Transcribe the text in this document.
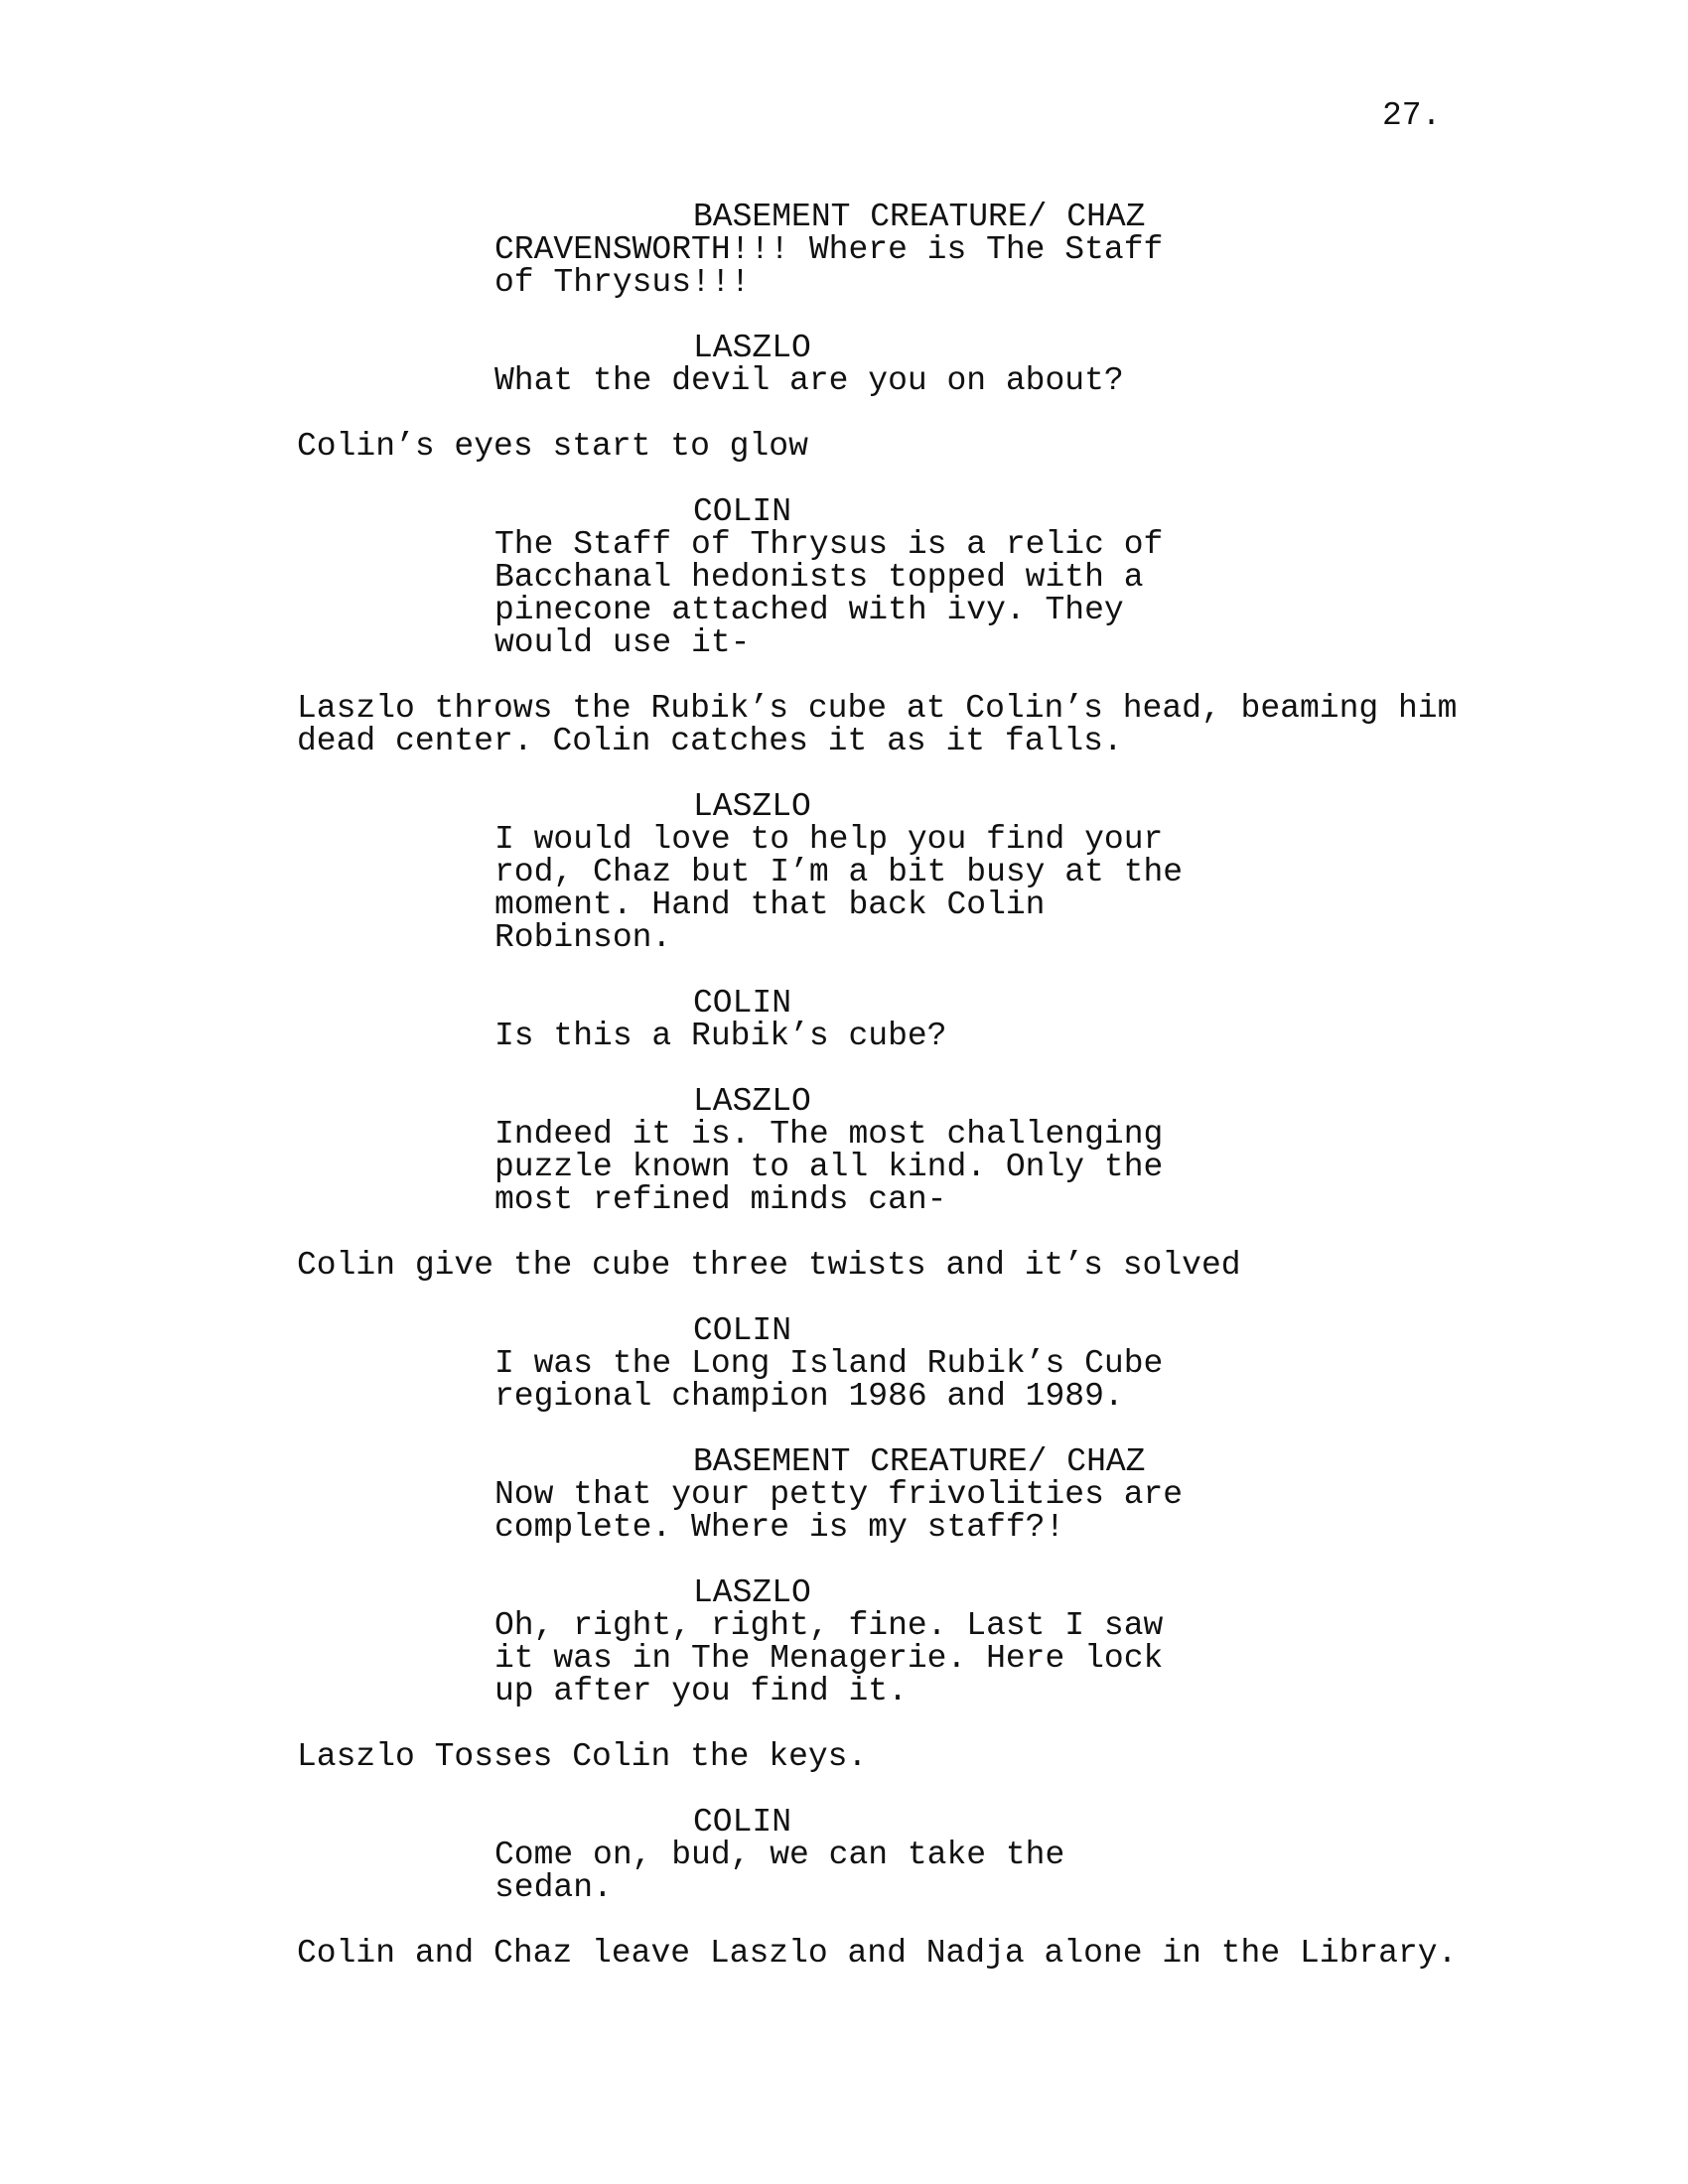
27.
BASEMENT CREATURE/ CHAZ
CRAVENSWORTH!!! Where is The Staff
of Thrysus!!!
LASZLO
What the devil are you on about?
Colin’s eyes start to glow
COLIN
The Staff of Thrysus is a relic of
Bacchanal hedonists topped with a
pinecone attached with ivy. They
would use it-
Laszlo throws the Rubik’s cube at Colin’s head, beaming him
dead center. Colin catches it as it falls.
LASZLO
I would love to help you find your
rod, Chaz but I’m a bit busy at the
moment. Hand that back Colin
Robinson.
COLIN
Is this a Rubik’s cube?
LASZLO
Indeed it is. The most challenging
puzzle known to all kind. Only the
most refined minds can-
Colin give the cube three twists and it’s solved
COLIN
I was the Long Island Rubik’s Cube
regional champion 1986 and 1989.
BASEMENT CREATURE/ CHAZ
Now that your petty frivolities are
complete. Where is my staff?!
LASZLO
Oh, right, right, fine. Last I saw
it was in The Menagerie. Here lock
up after you find it.
Laszlo Tosses Colin the keys.
COLIN
Come on, bud, we can take the
sedan.
Colin and Chaz leave Laszlo and Nadja alone in the Library.
